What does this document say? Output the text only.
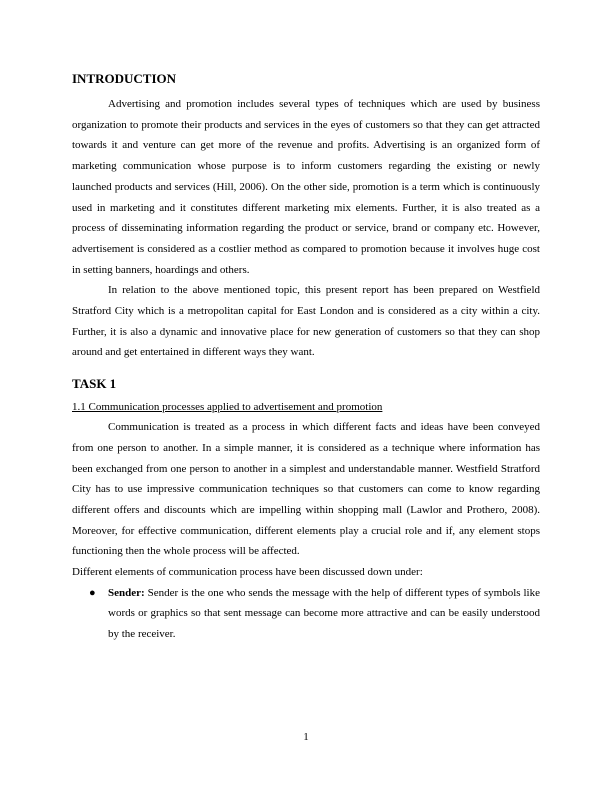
INTRODUCTION

Advertising and promotion includes several types of techniques which are used by business organization to promote their products and services in the eyes of customers so that they can get attracted towards it and venture can get more of the revenue and profits. Advertising is an organized form of marketing communication whose purpose is to inform customers regarding the existing or newly launched products and services (Hill, 2006). On the other side, promotion is a term which is continuously used in marketing and it constitutes different marketing mix elements. Further, it is also treated as a process of disseminating information regarding the product or service, brand or company etc. However, advertisement is considered as a costlier method as compared to promotion because it involves huge cost in setting banners, hoardings and others.

In relation to the above mentioned topic, this present report has been prepared on Westfield Stratford City which is a metropolitan capital for East London and is considered as a city within a city. Further, it is also a dynamic and innovative place for new generation of customers so that they can shop around and get entertained in different ways they want.

TASK 1
1.1 Communication processes applied to advertisement and promotion

Communication is treated as a process in which different facts and ideas have been conveyed from one person to another. In a simple manner, it is considered as a technique where information has been exchanged from one person to another in a simplest and understandable manner. Westfield Stratford City has to use impressive communication techniques so that customers can come to know regarding different offers and discounts which are impelling within shopping mall (Lawlor and Prothero, 2008). Moreover, for effective communication, different elements play a crucial role and if, any element stops functioning then the whole process will be affected.

Different elements of communication process have been discussed down under:

● Sender: Sender is the one who sends the message with the help of different types of symbols like words or graphics so that sent message can become more attractive and can be easily understood by the receiver.

1
